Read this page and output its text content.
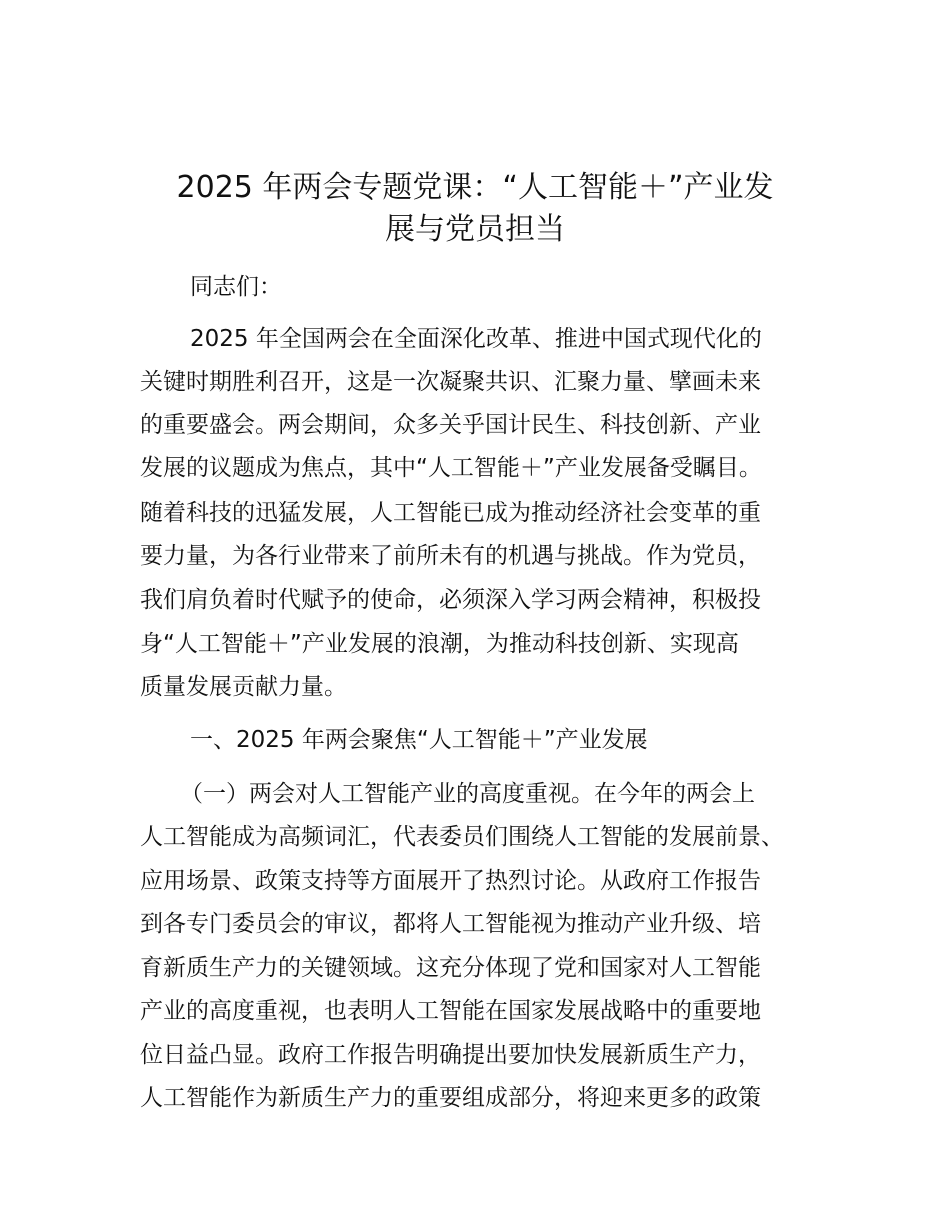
2025 年两会专题党课：“人工智能＋”产业发
展与党员担当

同志们：

2025 年全国两会在全面深化改革、推进中国式现代化的

关键时期胜利召开，这是一次凝聚共识、汇聚力量、擘画未来

的重要盛会。两会期间，众多关乎国计民生、科技创新、产业

发展的议题成为焦点，其中“人工智能＋”产业发展备受瞩目。

随着科技的迅猛发展，人工智能已成为推动经济社会变革的重

要力量，为各行业带来了前所未有的机遇与挑战。作为党员，

我们肩负着时代赋予的使命，必须深入学习两会精神，积极投

身“人工智能＋”产业发展的浪潮，为推动科技创新、实现高

质量发展贡献力量。

一、2025 年两会聚焦“人工智能＋”产业发展

（一）两会对人工智能产业的高度重视。在今年的两会上

人工智能成为高频词汇，代表委员们围绕人工智能的发展前景、

应用场景、政策支持等方面展开了热烈讨论。从政府工作报告

到各专门委员会的审议，都将人工智能视为推动产业升级、培

育新质生产力的关键领域。这充分体现了党和国家对人工智能

产业的高度重视，也表明人工智能在国家发展战略中的重要地

位日益凸显。政府工作报告明确提出要加快发展新质生产力，

人工智能作为新质生产力的重要组成部分，将迎来更多的政策
